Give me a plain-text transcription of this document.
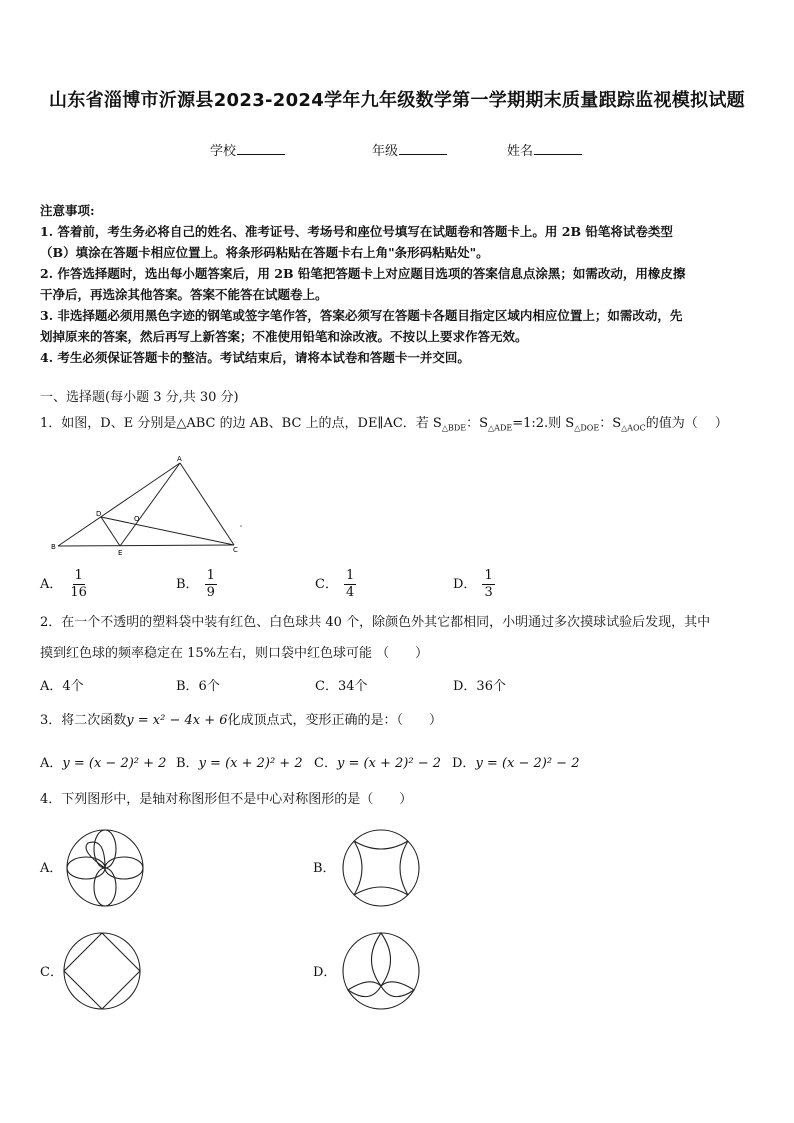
山东省淄博市沂源县2023-2024学年九年级数学第一学期期末质量跟踪监视模拟试题
学校	年级	姓名
注意事项:
1. 答着前，考生务必将自己的姓名、准考证号、考场号和座位号填写在试题卷和答题卡上。用 2B 铅笔将试卷类型
（B）填涂在答题卡相应位置上。将条形码粘贴在答题卡右上角"条形码粘贴处"。
2. 作答选择题时，选出每小题答案后，用 2B 铅笔把答题卡上对应题目选项的答案信息点涂黑；如需改动，用橡皮擦
干净后，再选涂其他答案。答案不能答在试题卷上。
3. 非选择题必须用黑色字迹的钢笔或签字笔作答，答案必须写在答题卡各题目指定区域内相应位置上；如需改动，先
划掉原来的答案，然后再写上新答案；不准使用铅笔和涂改液。不按以上要求作答无效。
4. 考生必须保证答题卡的整洁。考试结束后，请将本试卷和答题卡一并交回。
一、选择题(每小题 3 分,共 30 分)
1．如图，D、E 分别是△ABC 的边 AB、BC 上的点，DE∥AC．若 $S_{\triangle BDE}$：$S_{\triangle ADE}=1:2$.则 $S_{\triangle DOE}$：$S_{\triangle AOC}$的值为（　 ）
A
B	C
D
E
O
A． $\frac{1}{16}$	B． $\frac{1}{9}$	C． $\frac{1}{4}$	D． $\frac{1}{3}$
2．在一个不透明的塑料袋中装有红色、白色球共 40 个，除颜色外其它都相同，小明通过多次摸球试验后发现，其中
摸到红色球的频率稳定在 15%左右，则口袋中红色球可能 （　　）
A．4个	B．6个	C．34个	D．36个
3．将二次函数y = x² − 4x + 6化成顶点式，变形正确的是：（　　）
A．y = (x − 2)² + 2 B．y = (x + 2)² + 2 C．y = (x + 2)² − 2 D．y = (x − 2)² − 2
4．下列图形中，是轴对称图形但不是中心对称图形的是（　　）
A．	B．
C．	D．
